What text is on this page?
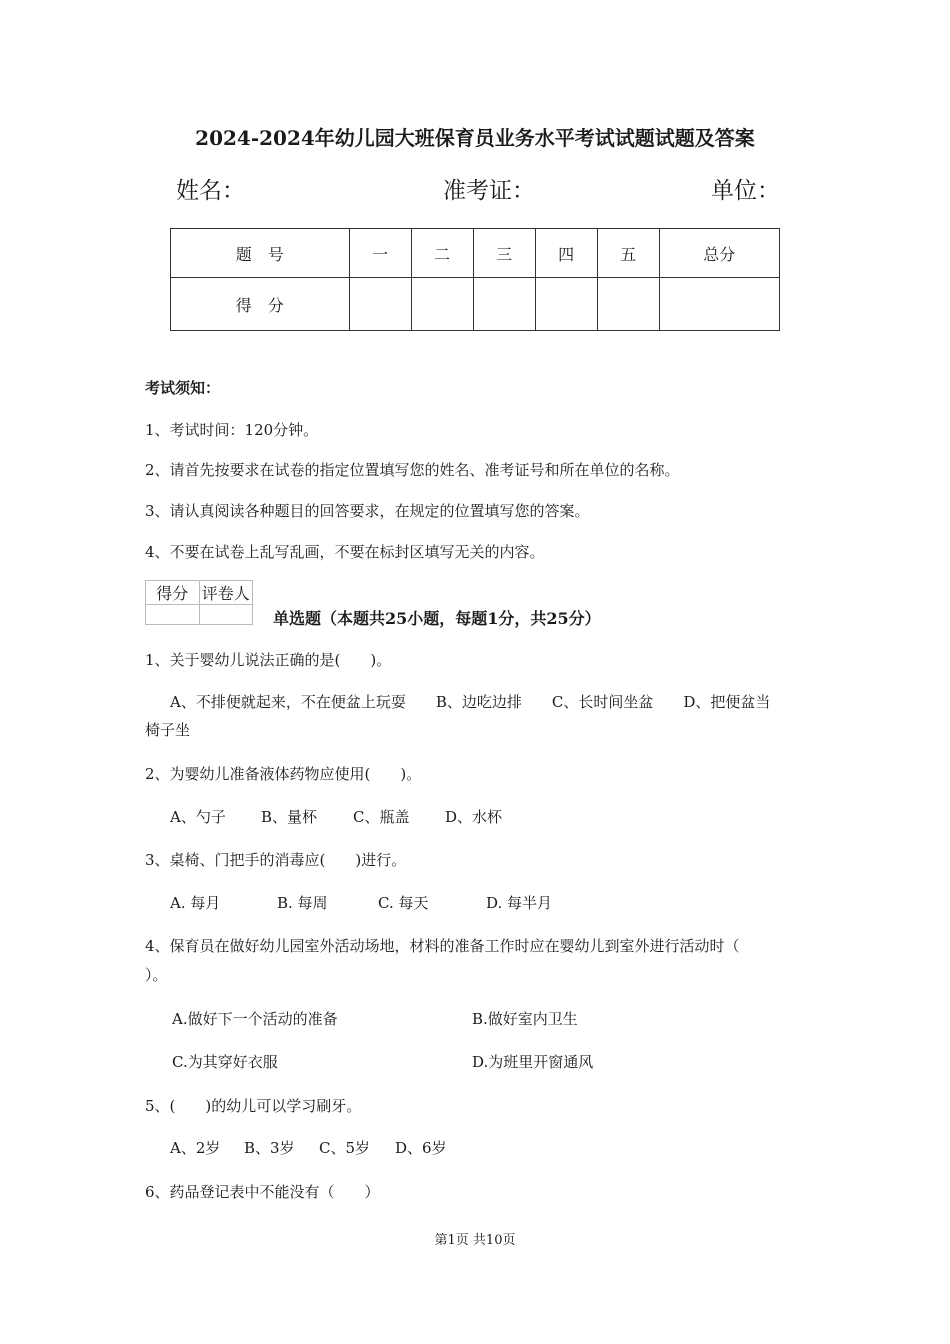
2024-2024年幼儿园大班保育员业务水平考试试题试题及答案
姓名：	准考证：	单位：
题　号	一	二	三	四	五	总分
得　分						
考试须知：
1、考试时间：120分钟。
2、请首先按要求在试卷的指定位置填写您的姓名、准考证号和所在单位的名称。
3、请认真阅读各种题目的回答要求，在规定的位置填写您的答案。
4、不要在试卷上乱写乱画，不要在标封区填写无关的内容。
得分	评卷人

单选题（本题共25小题，每题1分，共25分）
1、关于婴幼儿说法正确的是(　　)。
A、不排便就起来，不在便盆上玩耍　　B、边吃边排　　C、长时间坐盆　　D、把便盆当
椅子坐
2、为婴幼儿准备液体药物应使用(　　)。
A、勺子 B、量杯 C、瓶盖 D、水杯
3、桌椅、门把手的消毒应(　　)进行。
A. 每月	B. 每周	C. 每天	D. 每半月
4、保育员在做好幼儿园室外活动场地，材料的准备工作时应在婴幼儿到室外进行活动时（
）。
A.做好下一个活动的准备	B.做好室内卫生
C.为其穿好衣服	D.为班里开窗通风
5、(　　)的幼儿可以学习刷牙。
A、2岁 B、3岁 C、5岁 D、6岁
6、药品登记表中不能没有（　　）
第1页 共10页
